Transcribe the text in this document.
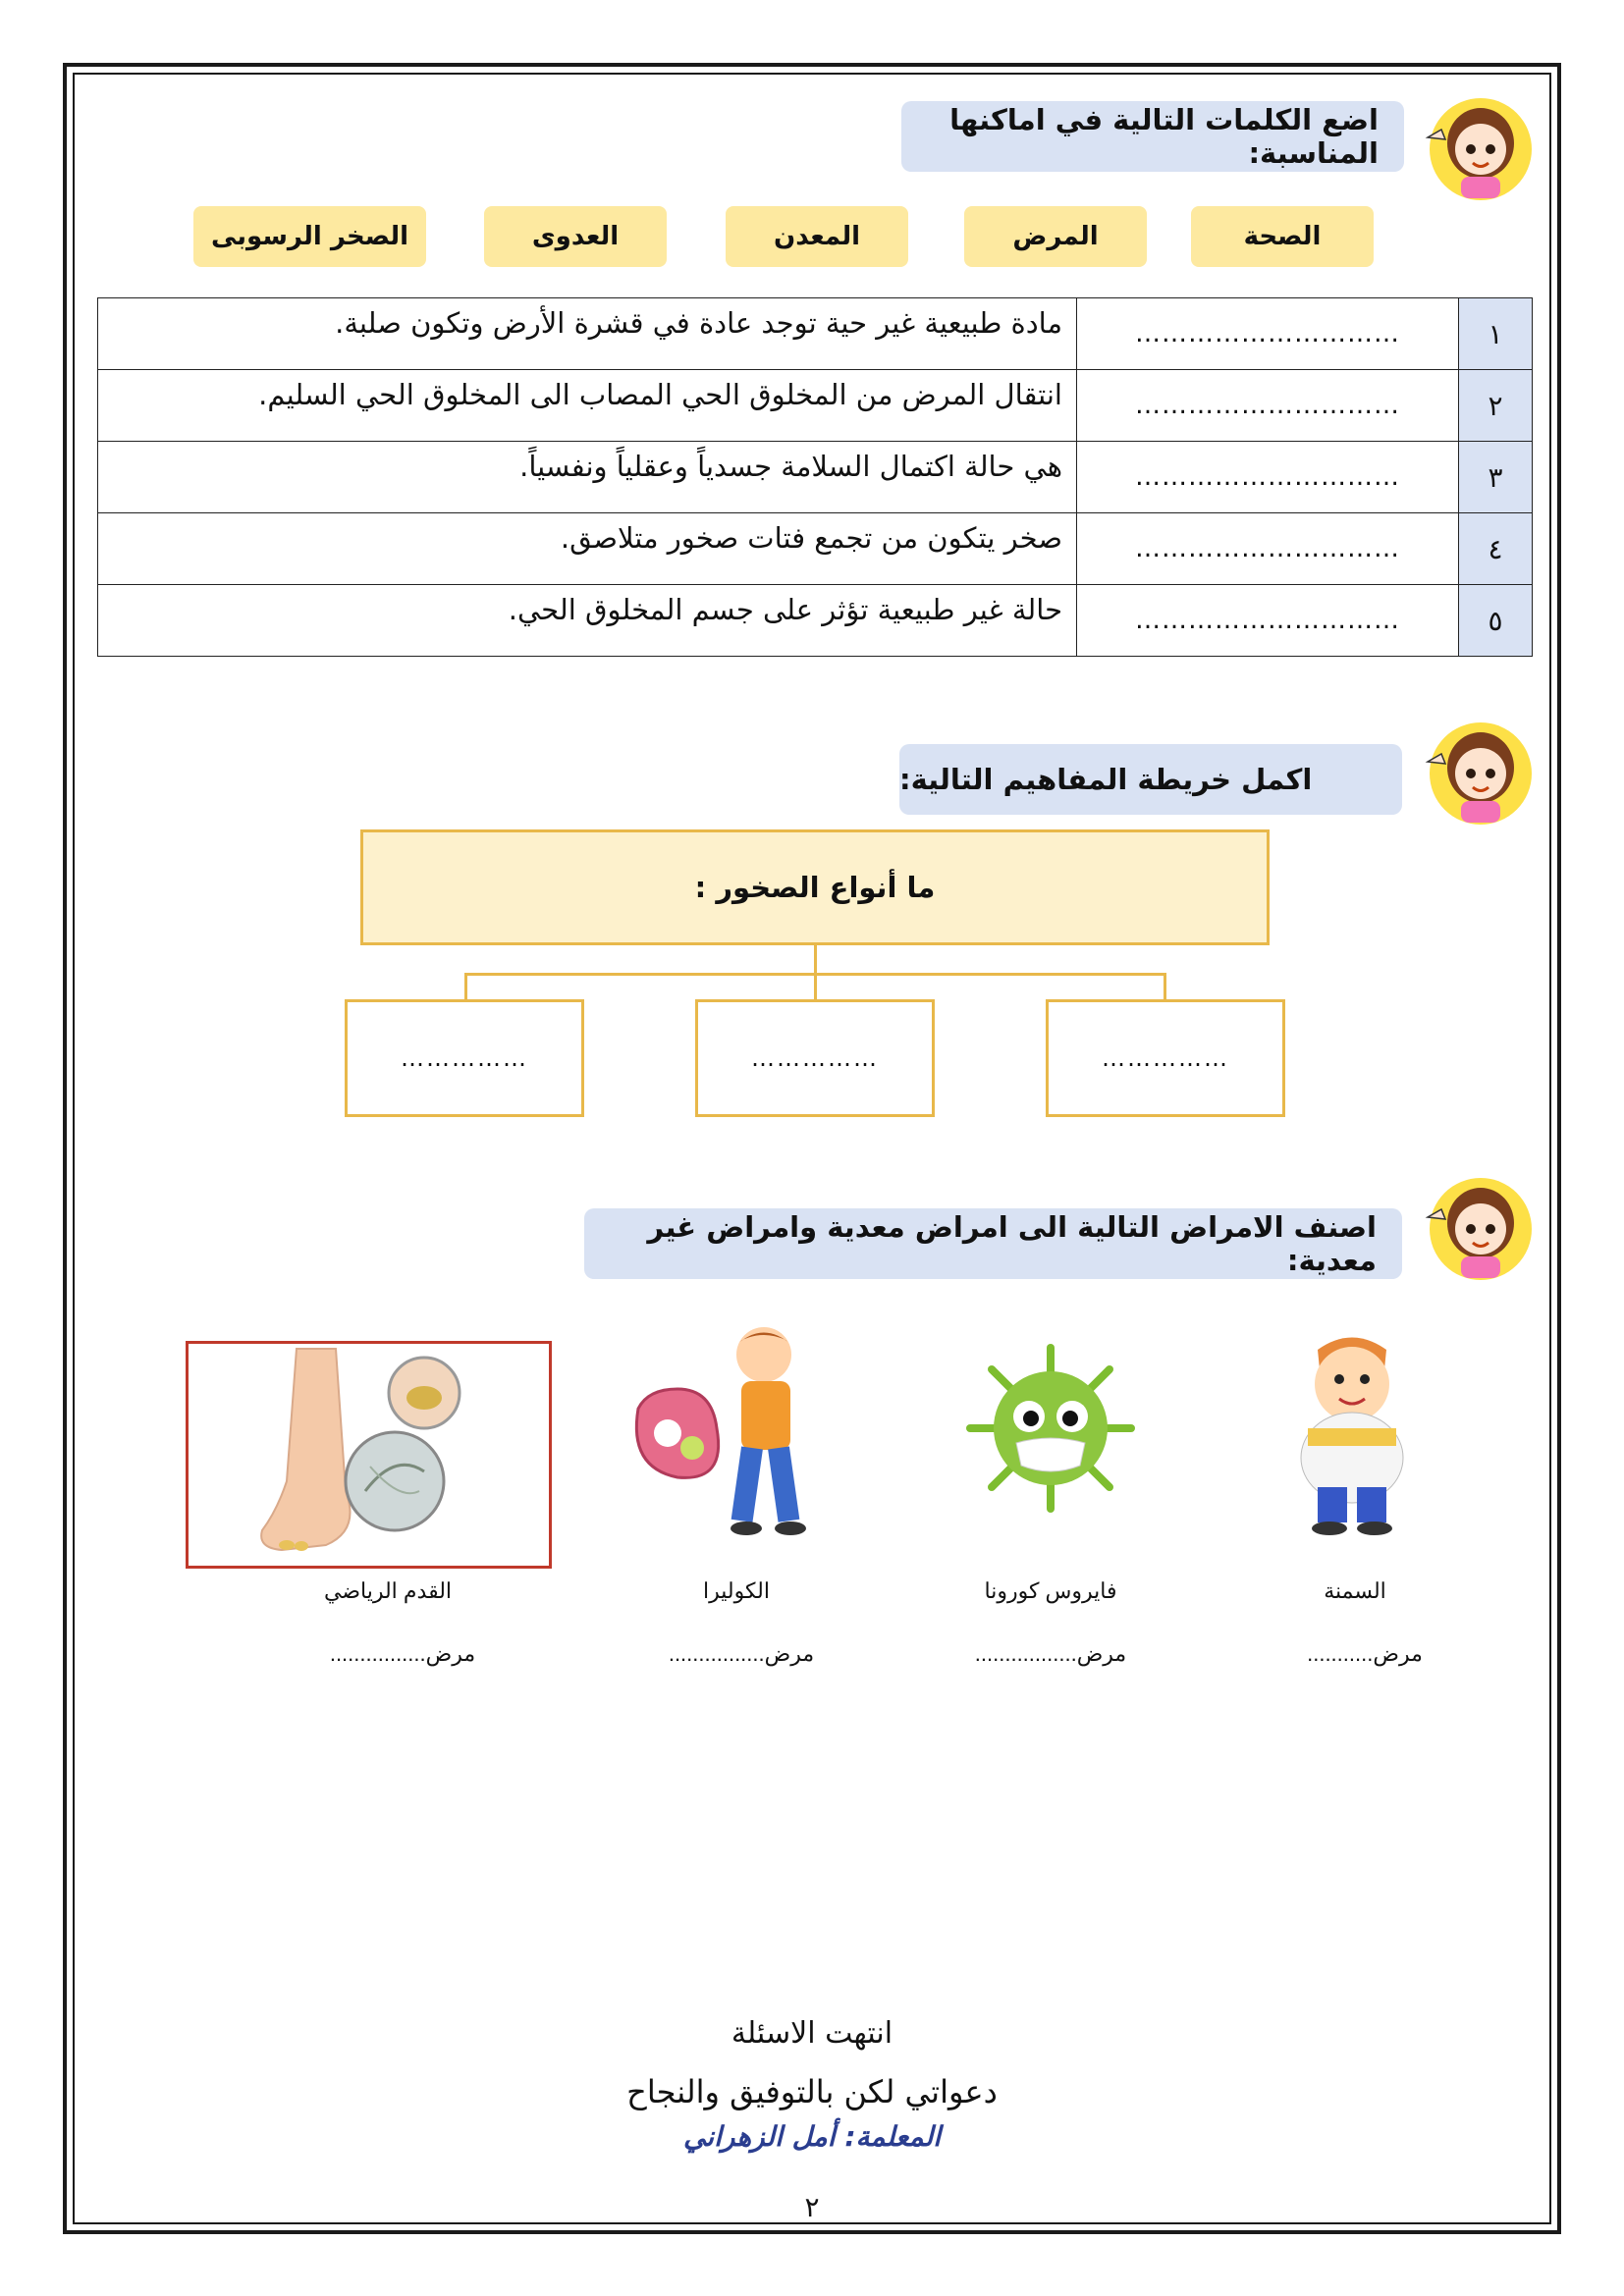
اضع الكلمات التالية في اماكنها المناسبة:
الصحة
المرض
المعدن
العدوى
الصخر الرسوبى
١	…………………………	مادة طبيعية غير حية توجد عادة في قشرة الأرض وتكون صلبة.

٢	…………………………	انتقال المرض من المخلوق الحي المصاب الى المخلوق الحي السليم.

٣	…………………………	هي حالة اكتمال السلامة جسدياً وعقلياً ونفسياً.

٤	…………………………	صخر يتكون من تجمع فتات صخور متلاصق.

٥	…………………………	حالة غير طبيعية تؤثر على جسم المخلوق الحي.
اكمل خريطة المفاهيم التالية:
ما أنواع الصخور :
……………
……………
……………
اصنف الامراض التالية الى امراض معدية وامراض غير معدية:
السمنة
فايروس كورونا
الكوليرا
القدم الرياضي
مرض...........
مرض.................
مرض................
مرض................
انتهت الاسئلة
دعواتي لكن بالتوفيق والنجاح
المعلمة: أمل الزهراني
٢
